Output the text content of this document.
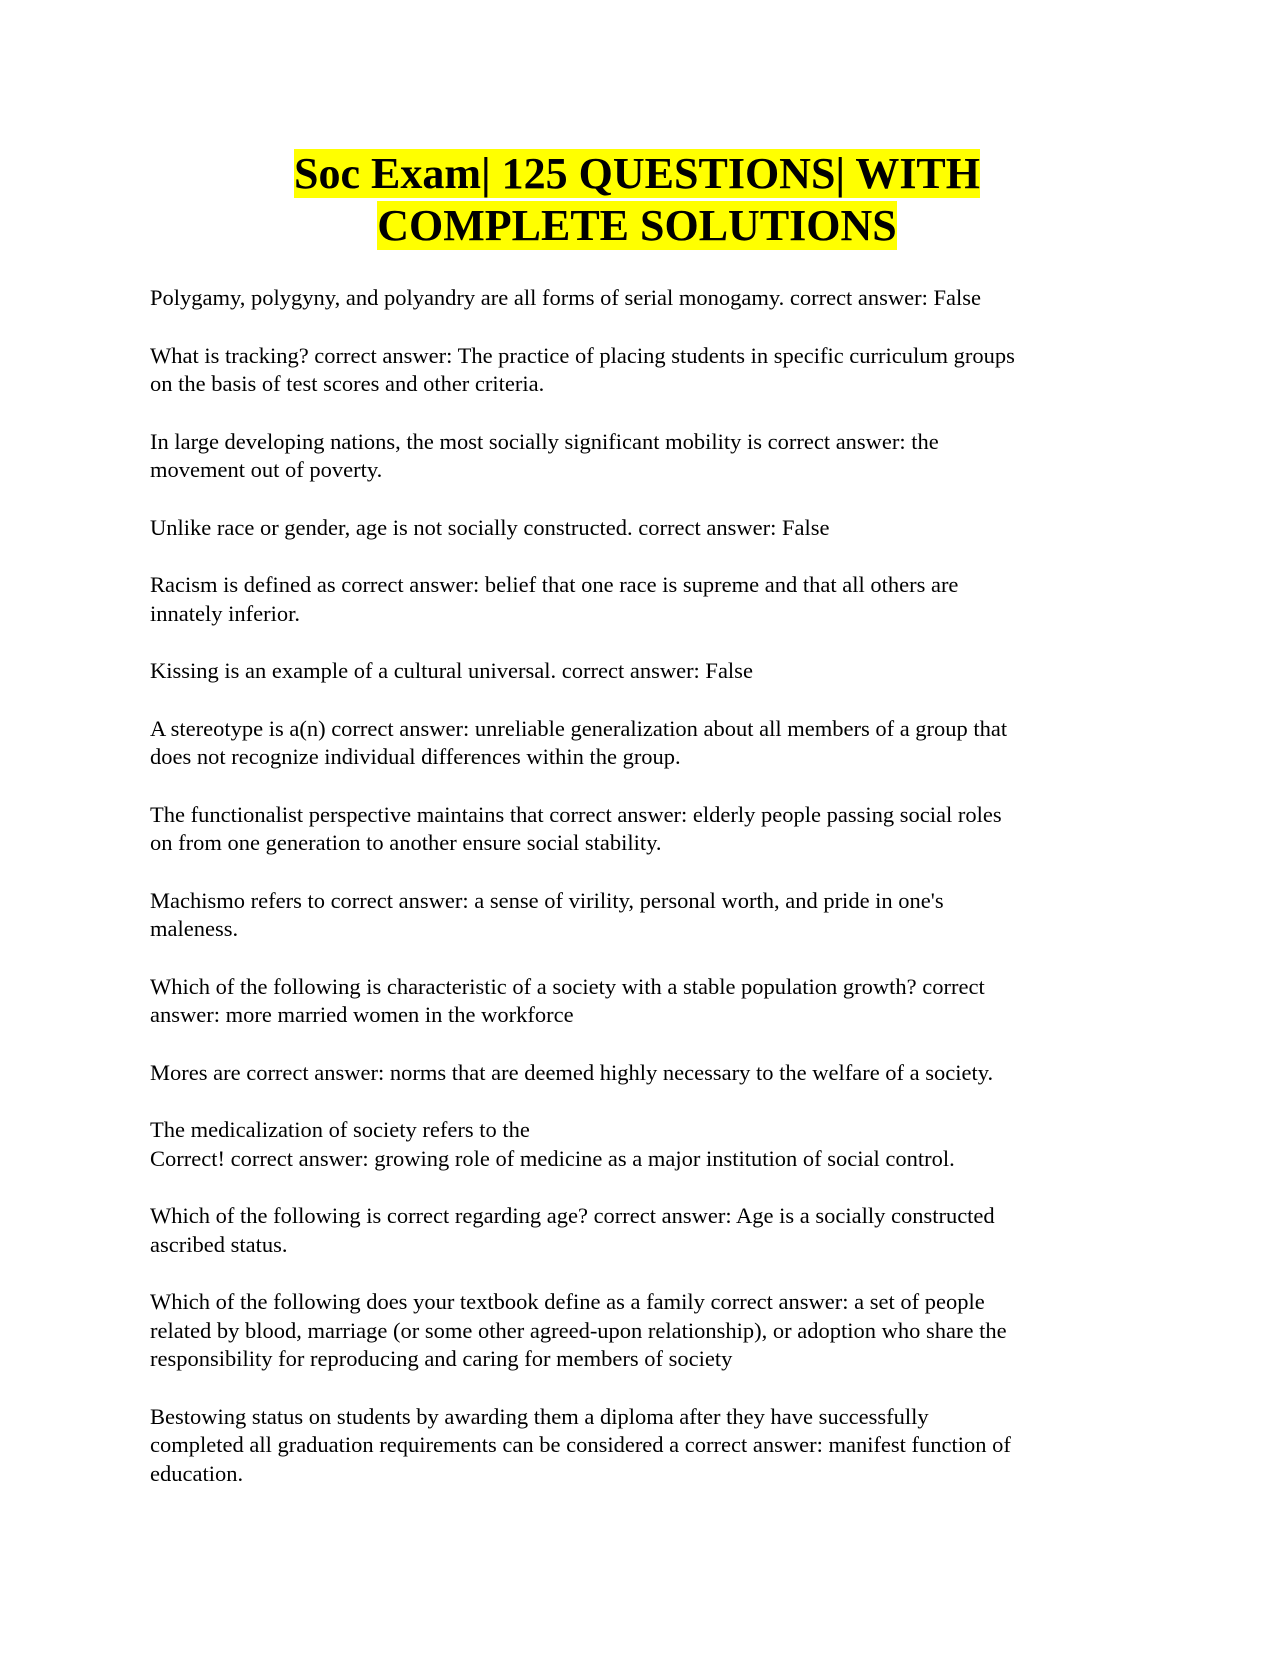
Soc Exam| 125 QUESTIONS| WITH
COMPLETE SOLUTIONS

Polygamy, polygyny, and polyandry are all forms of serial monogamy. correct answer: False

What is tracking? correct answer: The practice of placing students in specific curriculum groups
on the basis of test scores and other criteria.

In large developing nations, the most socially significant mobility is correct answer: the
movement out of poverty.

Unlike race or gender, age is not socially constructed. correct answer: False

Racism is defined as correct answer: belief that one race is supreme and that all others are
innately inferior.

Kissing is an example of a cultural universal. correct answer: False

A stereotype is a(n) correct answer: unreliable generalization about all members of a group that
does not recognize individual differences within the group.

The functionalist perspective maintains that correct answer: elderly people passing social roles
on from one generation to another ensure social stability.

Machismo refers to correct answer: a sense of virility, personal worth, and pride in one's
maleness.

Which of the following is characteristic of a society with a stable population growth? correct
answer: more married women in the workforce

Mores are correct answer: norms that are deemed highly necessary to the welfare of a society.

The medicalization of society refers to the
Correct! correct answer: growing role of medicine as a major institution of social control.

Which of the following is correct regarding age? correct answer: Age is a socially constructed
ascribed status.

Which of the following does your textbook define as a family correct answer: a set of people
related by blood, marriage (or some other agreed-upon relationship), or adoption who share the
responsibility for reproducing and caring for members of society

Bestowing status on students by awarding them a diploma after they have successfully
completed all graduation requirements can be considered a correct answer: manifest function of
education.
